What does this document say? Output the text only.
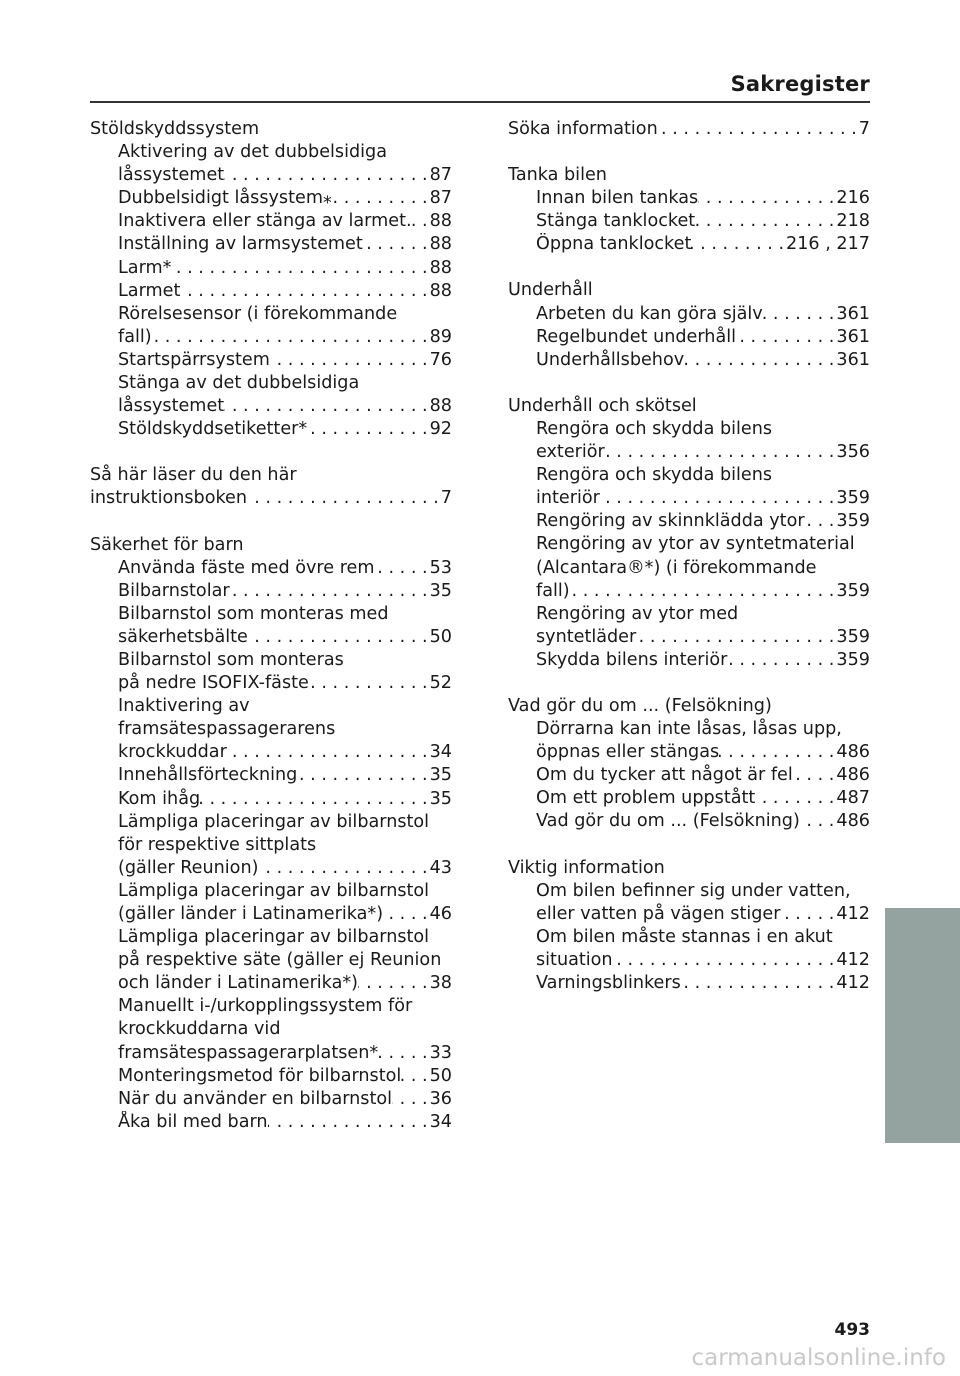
Sakregister
Stöldskyddssystem
Aktivering av det dubbelsidiga
låssystemet . . .	87
Dubbelsidigt låssystem⁎ . . .	87
Inaktivera eller stänga av larmet. . . . 88
Inställning av larmsystemet . . .	88
Larm* . . .	88
Larmet . . .	88
Rörelsesensor (i förekommande
fall) . . .	89
Startspärrsystem . . .	76
Stänga av det dubbelsidiga
låssystemet . . .	88
Stöldskyddsetiketter* . . .	92
Så här läser du den här
instruktionsboken . . .	7
Säkerhet för barn
Använda fäste med övre rem . . .	53
Bilbarnstolar . . .	35
Bilbarnstol som monteras med
säkerhetsbälte . . .	50
Bilbarnstol som monteras
på nedre ISOFIX-fäste . . .	52
Inaktivering av
framsätespassagerarens
krockkuddar . . .	34
Innehållsförteckning . . .	35
Kom ihåg . . .	35
Lämpliga placeringar av bilbarnstol
för respektive sittplats
(gäller Reunion) . . .	43
Lämpliga placeringar av bilbarnstol
(gäller länder i Latinamerika*) . . .	46
Lämpliga placeringar av bilbarnstol
på respektive säte (gäller ej Reunion
och länder i Latinamerika*) . . .	38
Manuellt i-/urkopplingssystem för
krockkuddarna vid
framsätespassagerarplatsen* . . .	33
Monteringsmetod för bilbarnstol . . . 50
När du använder en bilbarnstol . . . 36
Åka bil med barn . . .	34
Söka information . . .	7
Tanka bilen
Innan bilen tankas . . .	216
Stänga tanklocket . . .	218
Öppna tanklocket . . .	216 , 217
Underhåll
Arbeten du kan göra själv . . .	361
Regelbundet underhåll . . .	361
Underhållsbehov . . .	361
Underhåll och skötsel
Rengöra och skydda bilens
exteriör . . .	356
Rengöra och skydda bilens
interiör . . .	359
Rengöring av skinnklädda ytor . . . 359
Rengöring av ytor av syntetmaterial
(Alcantara®*) (i förekommande
fall) . . .	359
Rengöring av ytor med
syntetläder . . .	359
Skydda bilens interiör . . .	359
Vad gör du om ... (Felsökning)
Dörrarna kan inte låsas, låsas upp,
öppnas eller stängas . . .	486
Om du tycker att något är fel . . . 486
Om ett problem uppstått . . .	487
Vad gör du om ... (Felsökning) . . . 486
Viktig information
Om bilen befinner sig under vatten,
eller vatten på vägen stiger . . .	412
Om bilen måste stannas i en akut
situation . . .	412
Varningsblinkers . . .	412
493
carmanualsonline.info
